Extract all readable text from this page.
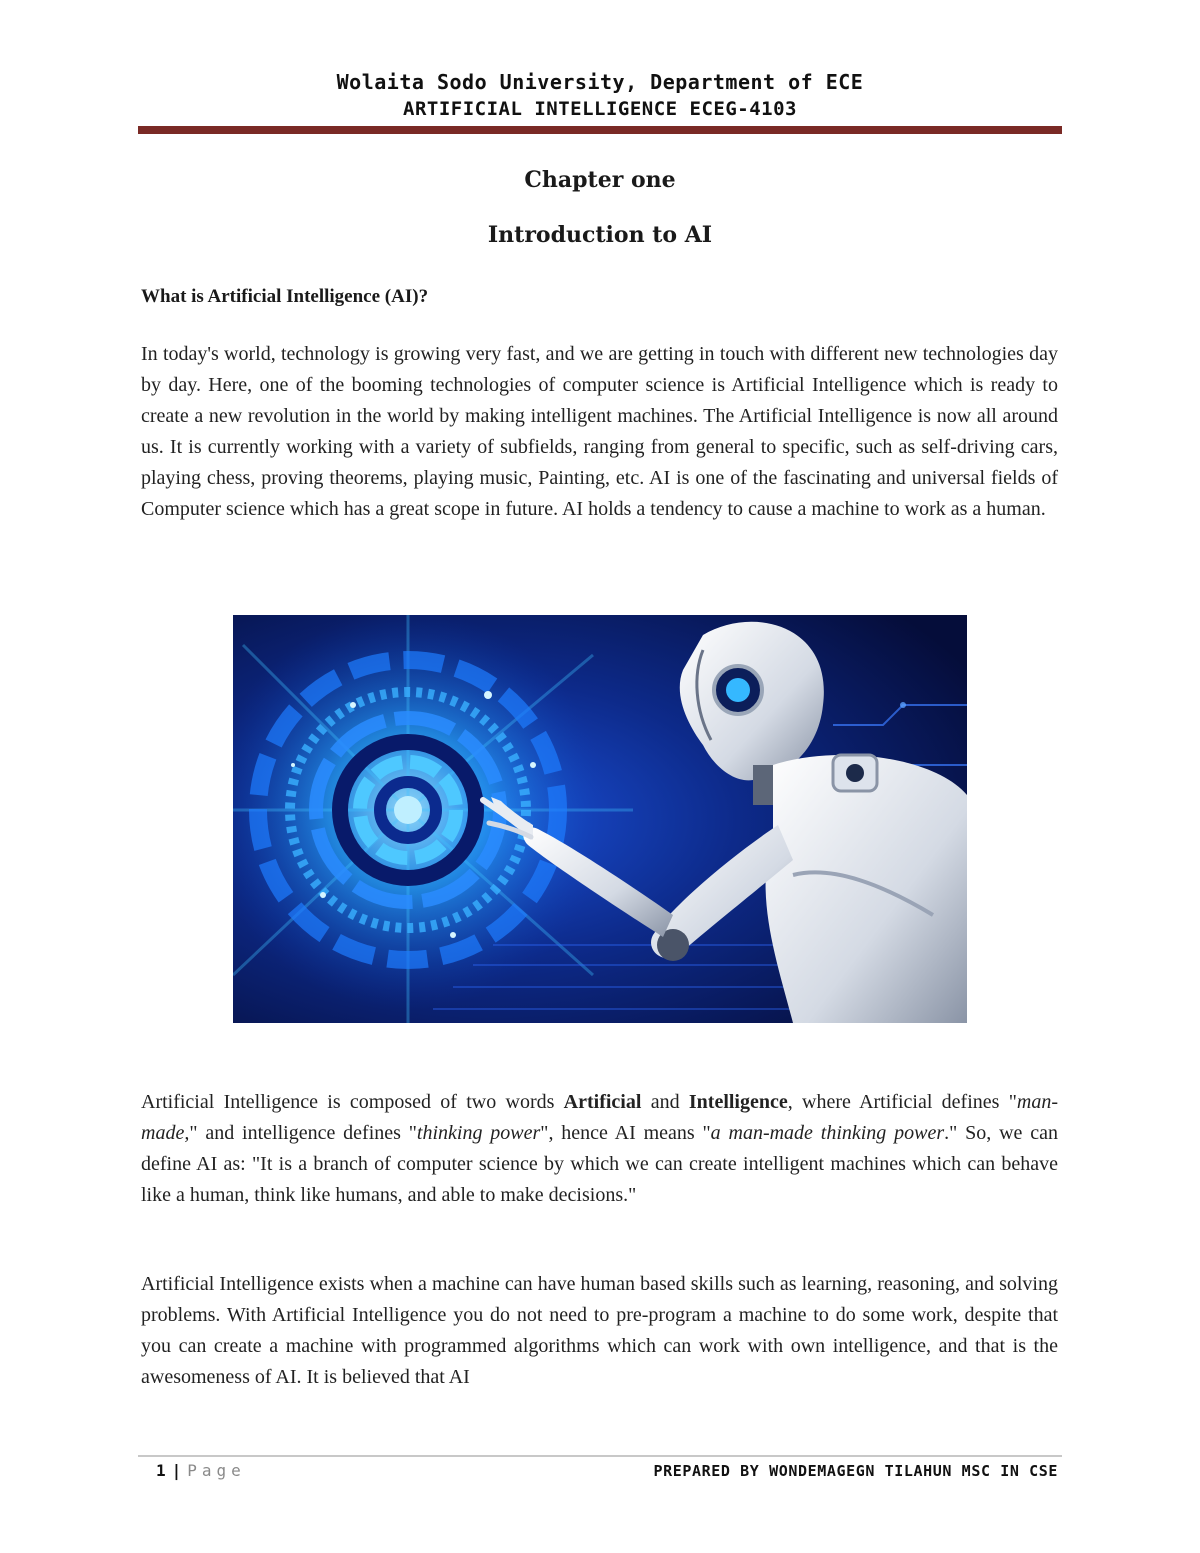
Wolaita Sodo University, Department of ECE
ARTIFICIAL INTELLIGENCE ECEG-4103
Chapter one
Introduction to AI
What is Artificial Intelligence (AI)?
In today's world, technology is growing very fast, and we are getting in touch with different new technologies day by day. Here, one of the booming technologies of computer science is Artificial Intelligence which is ready to create a new revolution in the world by making intelligent machines. The Artificial Intelligence is now all around us. It is currently working with a variety of subfields, ranging from general to specific, such as self-driving cars, playing chess, proving theorems, playing music, Painting, etc. AI is one of the fascinating and universal fields of Computer science which has a great scope in future. AI holds a tendency to cause a machine to work as a human.
Artificial Intelligence is composed of two words Artificial and Intelligence, where Artificial defines "man-made," and intelligence defines "thinking power", hence AI means "a man-made thinking power." So, we can define AI as: "It is a branch of computer science by which we can create intelligent machines which can behave like a human, think like humans, and able to make decisions."
Artificial Intelligence exists when a machine can have human based skills such as learning, reasoning, and solving problems. With Artificial Intelligence you do not need to pre-program a machine to do some work, despite that you can create a machine with programmed algorithms which can work with own intelligence, and that is the awesomeness of AI. It is believed that AI
1 | Page	PREPARED BY WONDEMAGEGN TILAHUN MSC IN CSE
